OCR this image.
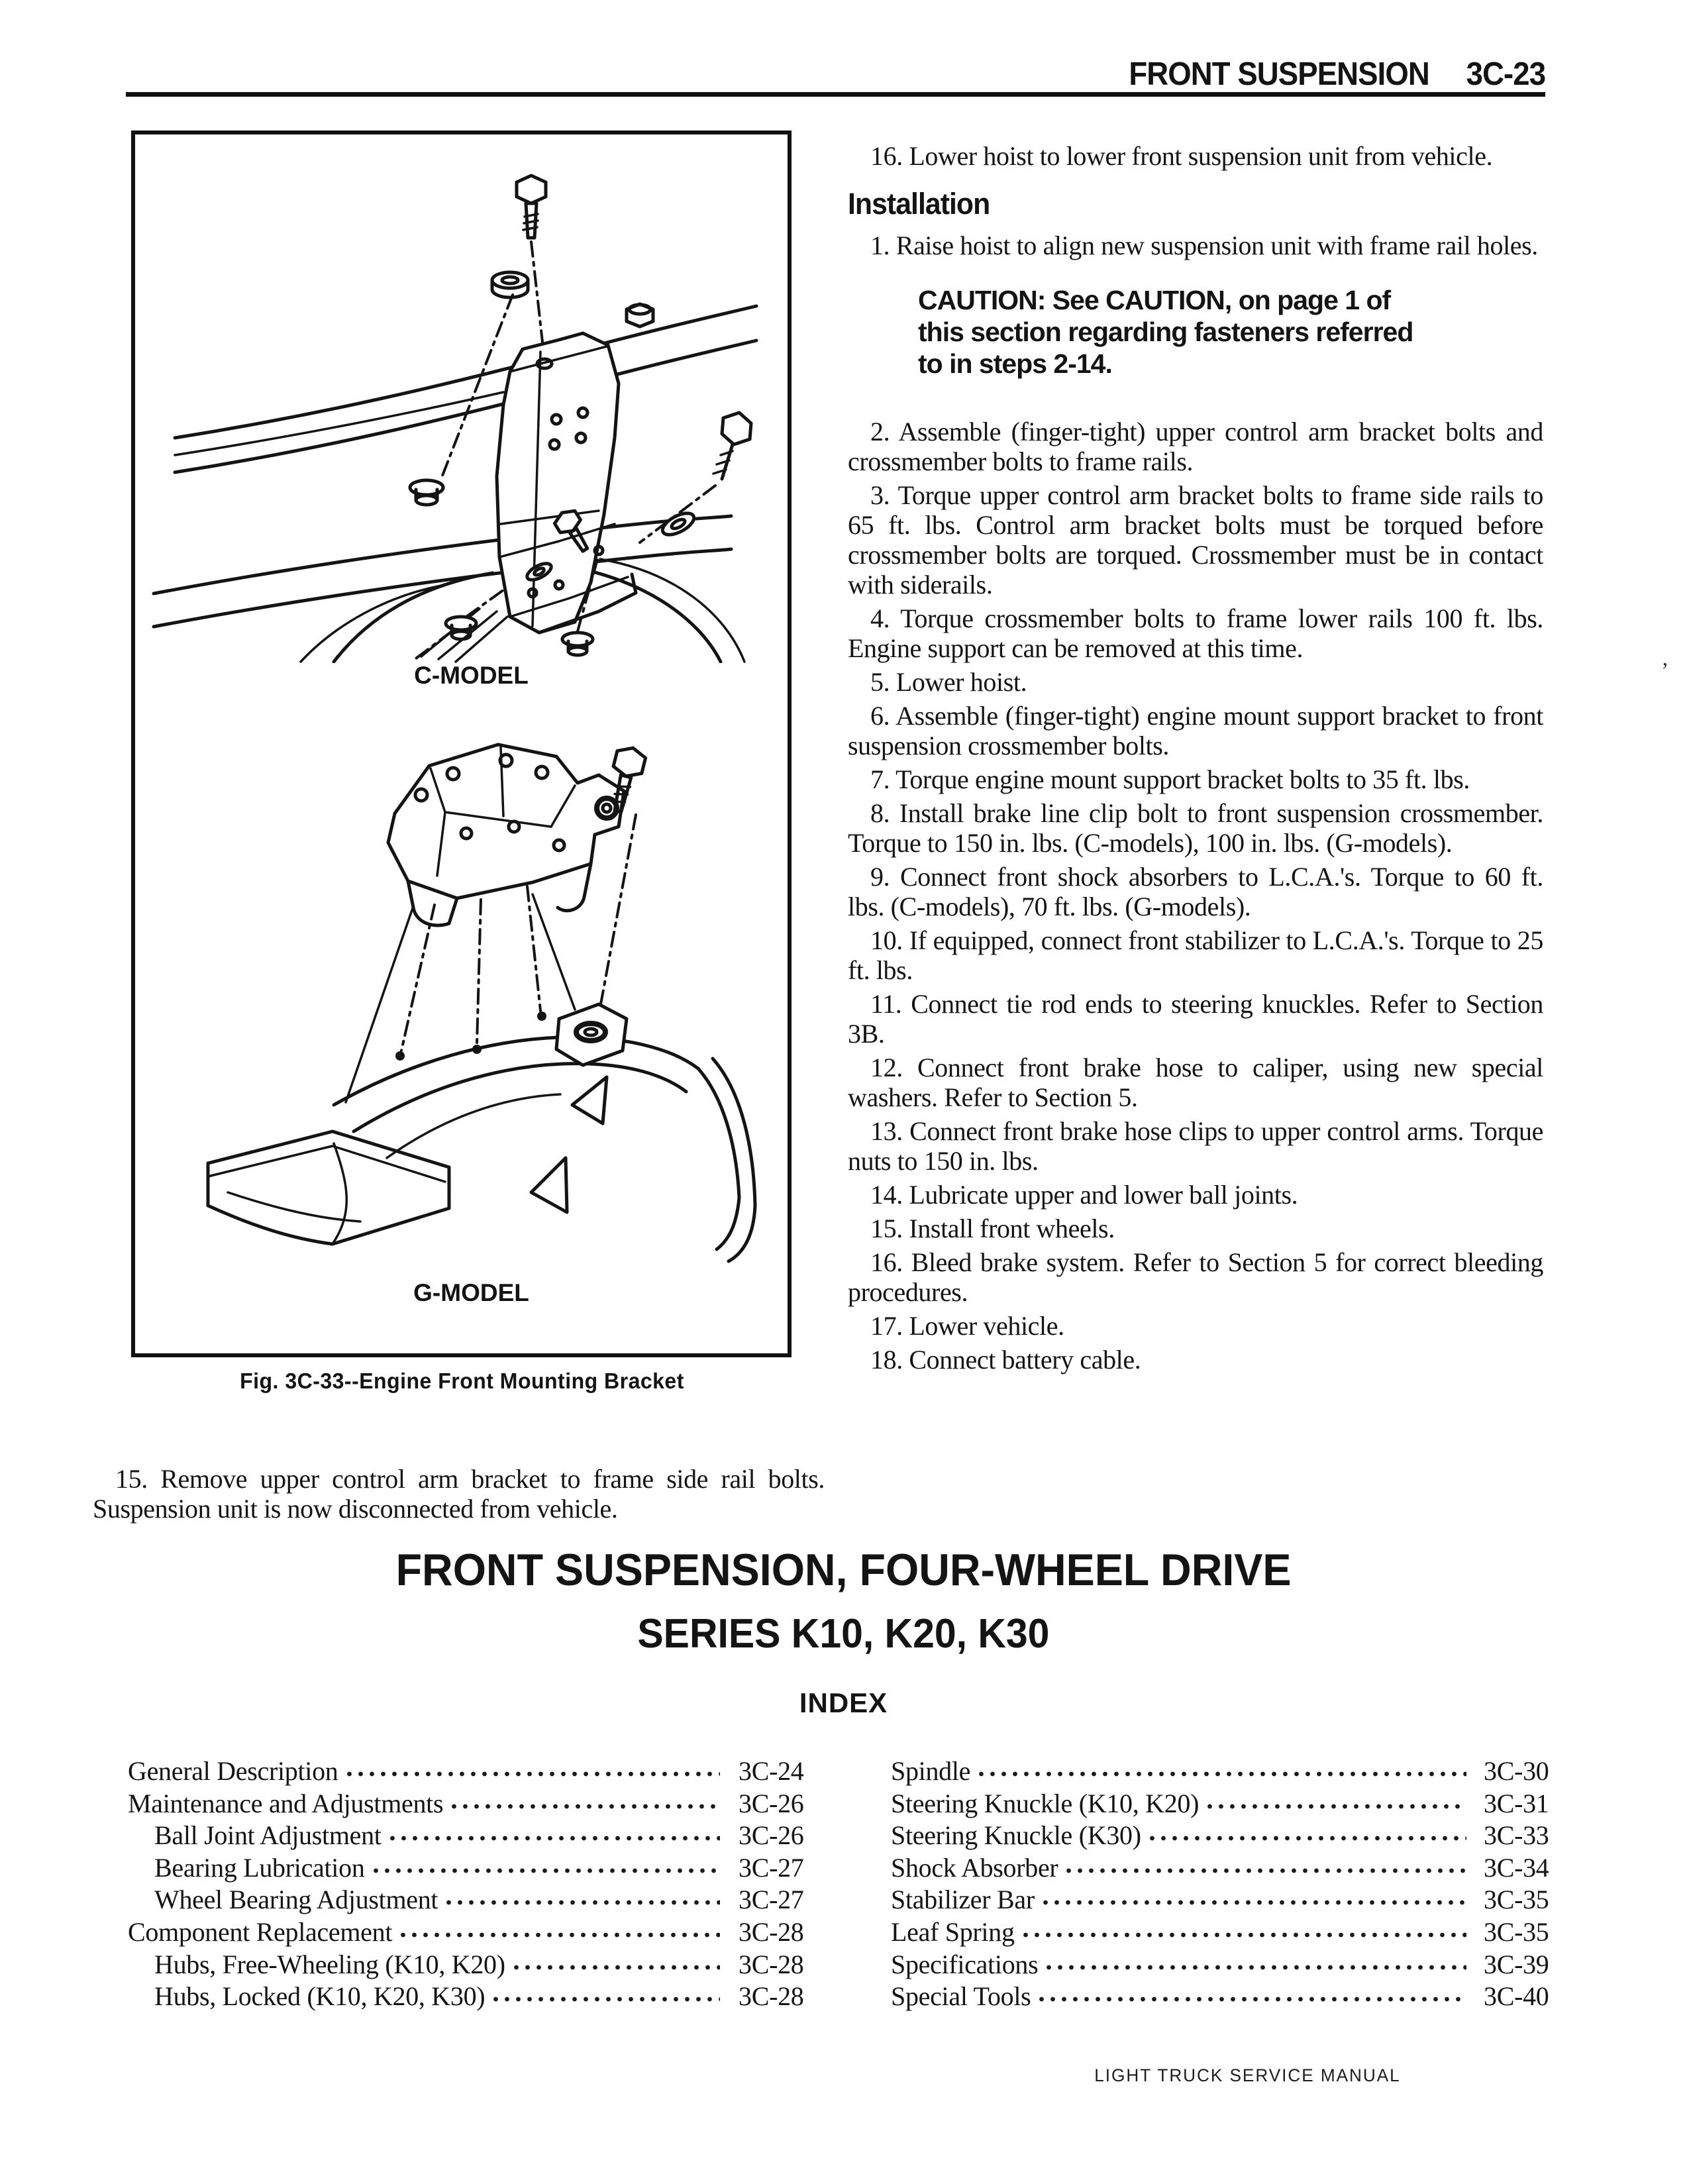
FRONT SUSPENSION 3C-23
C-MODEL
G-MODEL
Fig. 3C-33--Engine Front Mounting Bracket

15. Remove upper control arm bracket to frame side rail bolts. Suspension unit is now disconnected from vehicle.

16. Lower hoist to lower front suspension unit from vehicle.

Installation

1. Raise hoist to align new suspension unit with frame rail holes.

CAUTION: See CAUTION, on page 1 of
this section regarding fasteners referred
to in steps 2-14.

2. Assemble (finger-tight) upper control arm bracket bolts and crossmember bolts to frame rails.

3. Torque upper control arm bracket bolts to frame side rails to 65 ft. lbs. Control arm bracket bolts must be torqued before crossmember bolts are torqued. Crossmember must be in contact with siderails.

4. Torque crossmember bolts to frame lower rails 100 ft. lbs. Engine support can be removed at this time.

5. Lower hoist.

6. Assemble (finger-tight) engine mount support bracket to front suspension crossmember bolts.

7. Torque engine mount support bracket bolts to 35 ft. lbs.

8. Install brake line clip bolt to front suspension crossmember. Torque to 150 in. lbs. (C-models), 100 in. lbs. (G-models).

9. Connect front shock absorbers to L.C.A.'s. Torque to 60 ft. lbs. (C-models), 70 ft. lbs. (G-models).

10. If equipped, connect front stabilizer to L.C.A.'s. Torque to 25 ft. lbs.

11. Connect tie rod ends to steering knuckles. Refer to Section 3B.

12. Connect front brake hose to caliper, using new special washers. Refer to Section 5.

13. Connect front brake hose clips to upper control arms. Torque nuts to 150 in. lbs.

14. Lubricate upper and lower ball joints.

15. Install front wheels.

16. Bleed brake system. Refer to Section 5 for correct bleeding procedures.

17. Lower vehicle.

18. Connect battery cable.

’
FRONT SUSPENSION, FOUR-WHEEL DRIVE
SERIES K10, K20, K30
INDEX
General Description	3C-24
Maintenance and Adjustments	3C-26
Ball Joint Adjustment	3C-26
Bearing Lubrication	3C-27
Wheel Bearing Adjustment	3C-27
Component Replacement	3C-28
Hubs, Free-Wheeling (K10, K20)	3C-28
Hubs, Locked (K10, K20, K30)	3C-28
Spindle	3C-30
Steering Knuckle (K10, K20)	3C-31
Steering Knuckle (K30)	3C-33
Shock Absorber	3C-34
Stabilizer Bar	3C-35
Leaf Spring	3C-35
Specifications	3C-39
Special Tools	3C-40
LIGHT TRUCK SERVICE MANUAL
